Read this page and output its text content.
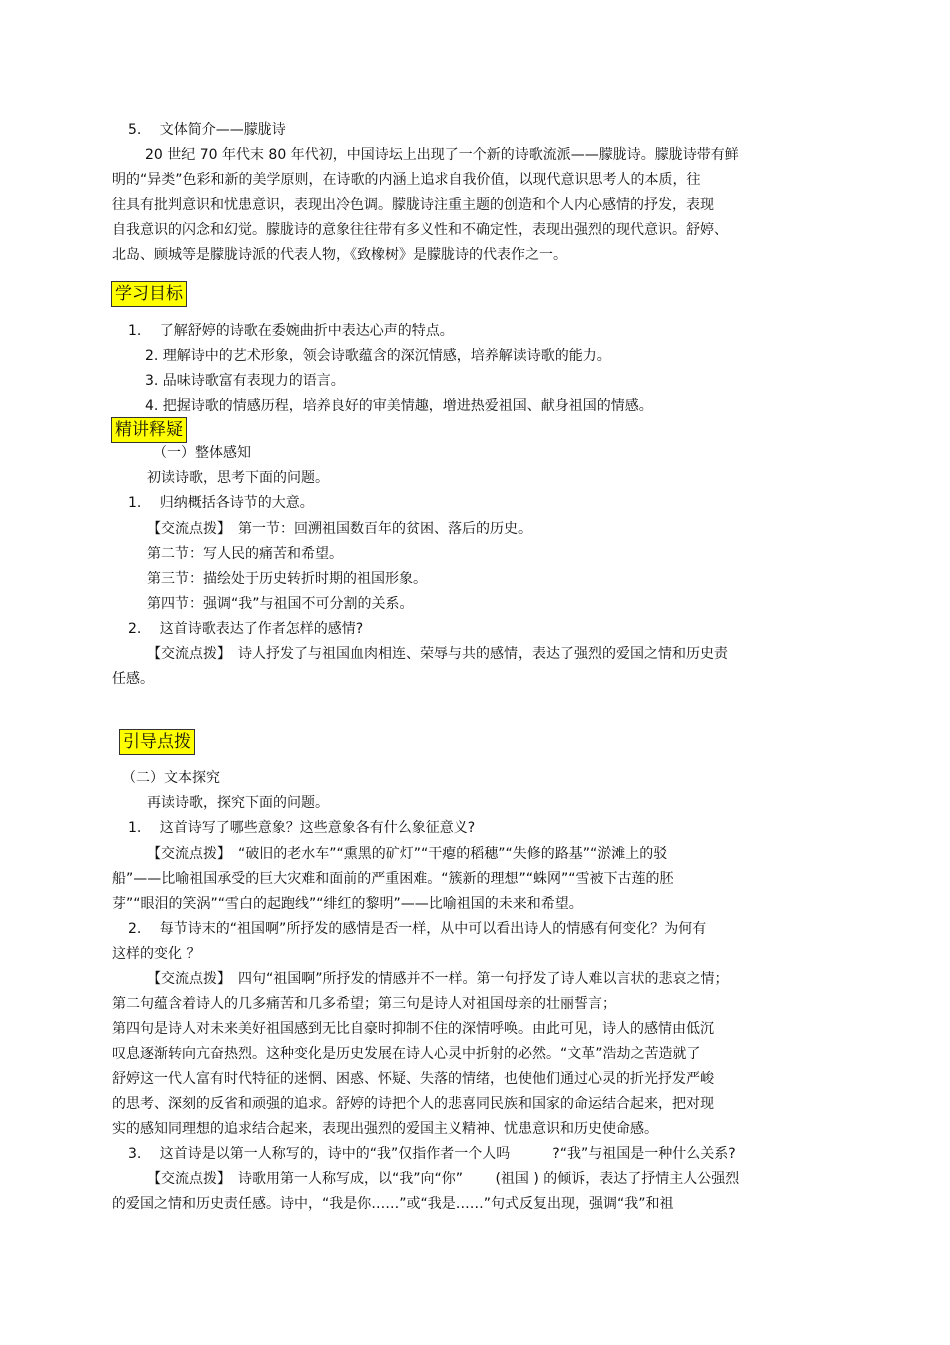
5.　 文体简介——朦胧诗
20 世纪 70 年代末 80 年代初，中国诗坛上出现了一个新的诗歌流派——朦胧诗。朦胧诗带有鲜
明的“异类”色彩和新的美学原则，在诗歌的内涵上追求自我价值，以现代意识思考人的本质，往
往具有批判意识和忧患意识，表现出冷色调。朦胧诗注重主题的创造和个人内心感情的抒发，表现
自我意识的闪念和幻觉。朦胧诗的意象往往带有多义性和不确定性，表现出强烈的现代意识。舒婷、
北岛、顾城等是朦胧诗派的代表人物，《致橡树》是朦胧诗的代表作之一。
学习目标
1.　 了解舒婷的诗歌在委婉曲折中表达心声的特点。
2. 理解诗中的艺术形象，领会诗歌蕴含的深沉情感，培养解读诗歌的能力。
3. 品味诗歌富有表现力的语言。
4. 把握诗歌的情感历程，培养良好的审美情趣，增进热爱祖国、献身祖国的情感。
精讲释疑
（一）整体感知
初读诗歌，思考下面的问题。
1.　 归纳概括各诗节的大意。
【交流点拨】　第一节：回溯祖国数百年的贫困、落后的历史。
第二节：写人民的痛苦和希望。
第三节：描绘处于历史转折时期的祖国形象。
第四节：强调“我”与祖国不可分割的关系。
2.　 这首诗歌表达了作者怎样的感情?
【交流点拨】　诗人抒发了与祖国血肉相连、荣辱与共的感情，表达了强烈的爱国之情和历史责
任感。
引导点拨
（二）文本探究
再读诗歌，探究下面的问题。
1.　 这首诗写了哪些意象？这些意象各有什么象征意义?
【交流点拨】　“破旧的老水车”“熏黑的矿灯”“干瘪的稻穗”“失修的路基”“淤滩上的驳
船”——比喻祖国承受的巨大灾难和面前的严重困难。“簇新的理想”“蛛网”“雪被下古莲的胚
芽”“眼泪的笑涡”“雪白的起跑线”“绯红的黎明”——比喻祖国的未来和希望。
2.　 每节诗末的“祖国啊”所抒发的感情是否一样，从中可以看出诗人的情感有何变化？为何有
这样的变化 ？
【交流点拨】　四句“祖国啊”所抒发的情感并不一样。第一句抒发了诗人难以言状的悲哀之情；
第二句蕴含着诗人的几多痛苦和几多希望；第三句是诗人对祖国母亲的壮丽誓言；
第四句是诗人对未来美好祖国感到无比自豪时抑制不住的深情呼唤。由此可见，诗人的感情由低沉
叹息逐渐转向亢奋热烈。这种变化是历史发展在诗人心灵中折射的必然。“文革”浩劫之苦造就了
舒婷这一代人富有时代特征的迷惘、困惑、怀疑、失落的情绪，也使他们通过心灵的折光抒发严峻
的思考、深刻的反省和顽强的追求。舒婷的诗把个人的悲喜同民族和国家的命运结合起来，把对现
实的感知同理想的追求结合起来，表现出强烈的爱国主义精神、忧患意识和历史使命感。
3.　 这首诗是以第一人称写的，诗中的“我”仅指作者一个人吗　　　?“我”与祖国是一种什么关系?
【交流点拨】　诗歌用第一人称写成，以“我”向“你”　　 (祖国 ) 的倾诉，表达了抒情主人公强烈
的爱国之情和历史责任感。诗中，“我是你……”或“我是……”句式反复出现，强调“我”和祖
